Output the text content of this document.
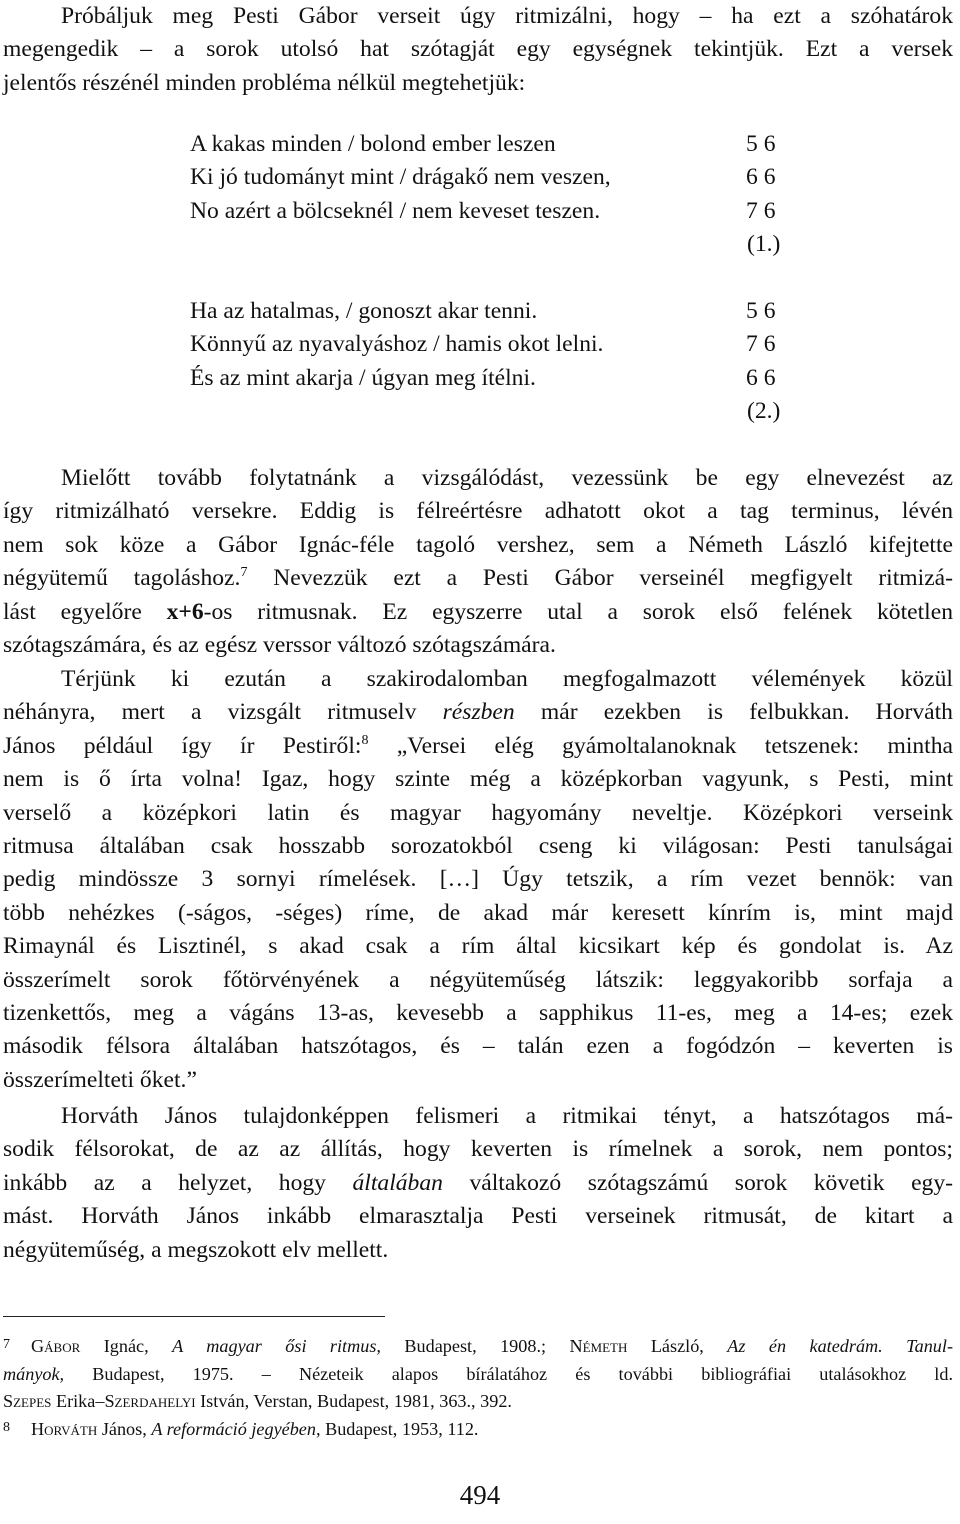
Próbáljuk meg Pesti Gábor verseit úgy ritmizálni, hogy – ha ezt a szóhatárok
megengedik – a sorok utolsó hat szótagját egy egységnek tekintjük. Ezt a versek
jelentős részénél minden probléma nélkül megtehetjük:
A kakas minden / bolond ember leszen	5 6
Ki jó tudományt mint / drágakő nem veszen,	6 6
No azért a bölcseknél / nem keveset teszen.	7 6
(1.)
Ha az hatalmas, / gonoszt akar tenni.	5 6
Könnyű az nyavalyáshoz / hamis okot lelni.	7 6
És az mint akarja / úgyan meg ítélni.	6 6
(2.)
Mielőtt tovább folytatnánk a vizsgálódást, vezessünk be egy elnevezést az
így ritmizálható versekre. Eddig is félreértésre adhatott okot a tag terminus, lévén
nem sok köze a Gábor Ignác-féle tagoló vershez, sem a Németh László kifejtette
négyütemű tagoláshoz.$^7$ Nevezzük ezt a Pesti Gábor verseinél megfigyelt ritmizá-
lást egyelőre x+6-os ritmusnak. Ez egyszerre utal a sorok első felének kötetlen
szótagszámára, és az egész verssor változó szótagszámára.
Térjünk ki ezután a szakirodalomban megfogalmazott vélemények közül
néhányra, mert a vizsgált ritmuselv részben már ezekben is felbukkan. Horváth
János például így ír Pestiről:$^8$ „Versei elég gyámoltalanoknak tetszenek: mintha
nem is ő írta volna! Igaz, hogy szinte még a középkorban vagyunk, s Pesti, mint
verselő a középkori latin és magyar hagyomány neveltje. Középkori verseink
ritmusa általában csak hosszabb sorozatokból cseng ki világosan: Pesti tanulságai
pedig mindössze 3 sornyi rímelések. […] Úgy tetszik, a rím vezet bennök: van
több nehézkes (-ságos, -séges) ríme, de akad már keresett kínrím is, mint majd
Rimaynál és Lisztinél, s akad csak a rím által kicsikart kép és gondolat is. Az
összerímelt sorok főtörvényének a négyüteműség látszik: leggyakoribb sorfaja a
tizenkettős, meg a vágáns 13-as, kevesebb a sapphikus 11-es, meg a 14-es; ezek
második félsora általában hatszótagos, és – talán ezen a fogódzón – keverten is
összerímelteti őket.”
Horváth János tulajdonképpen felismeri a ritmikai tényt, a hatszótagos má-
sodik félsorokat, de az az állítás, hogy keverten is rímelnek a sorok, nem pontos;
inkább az a helyzet, hogy általában váltakozó szótagszámú sorok követik egy-
mást. Horváth János inkább elmarasztalja Pesti verseinek ritmusát, de kitart a
négyüteműség, a megszokott elv mellett.
7 Gábor Ignác, A magyar ősi ritmus, Budapest, 1908.; Németh László, Az én katedrám. Tanul-
mányok, Budapest, 1975. – Nézeteik alapos bírálatához és további bibliográfiai utalásokhoz ld.
Szepes Erika–Szerdahelyi István, Verstan, Budapest, 1981, 363., 392.
8 Horváth János, A reformáció jegyében, Budapest, 1953, 112.
494
